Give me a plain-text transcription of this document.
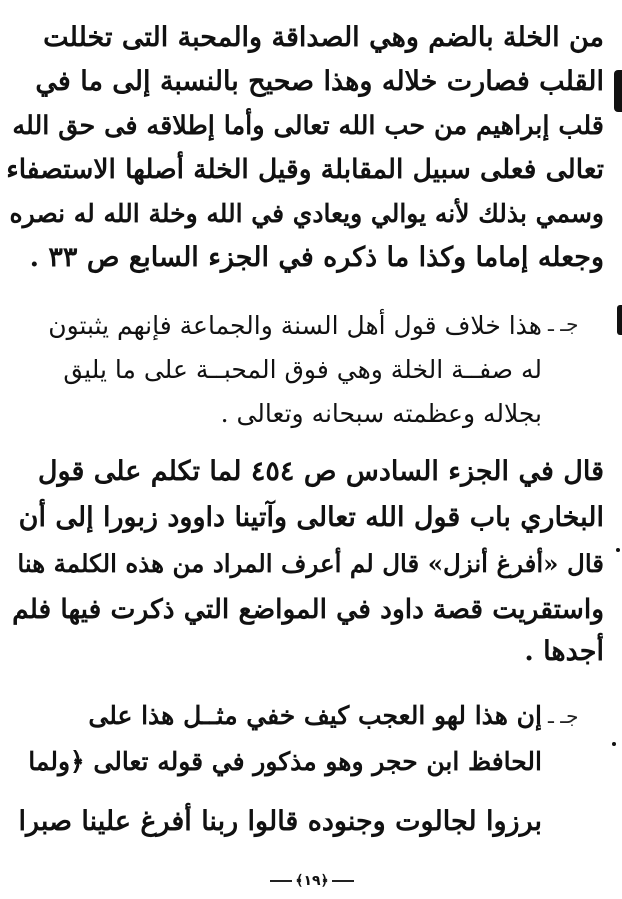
من الخلة بالضم وهي الصداقة والمحبة التى تخللت
القلب فصارت خلاله وهذا صحيح بالنسبة إلى ما في
قلب إبراهيم من حب الله تعالى وأما إطلاقه فى حق الله
تعالى فعلى سبيل المقابلة وقيل الخلة أصلها الاستصفاء
وسمي بذلك لأنه يوالي ويعادي في الله وخلة الله له نصره
وجعله إماما وكذا ما ذكره في الجزء السابع ص ٣٣ .
جـ ـ
هذا خلاف قول أهل السنة والجماعة فإنهم يثبتون
له صفــة الخلة وهي فوق المحبــة على ما يليق
بجلاله وعظمته سبحانه وتعالى .
قال في الجزء السادس ص ٤٥٤ لما تكلم على قول
البخاري باب قول الله تعالى وآتينا داوود زبورا إلى أن
قال «أفرغ أنزل» قال لم أعرف المراد من هذه الكلمة هنا
واستقريت قصة داود في المواضع التي ذكرت فيها فلم
أجدها .
جـ ـ
إن هذا لهو العجب كيف خفي مثــل هذا على
الحافظ ابن حجر وهو مذكور في قوله تعالى ﴿ولما
برزوا لجالوت وجنوده قالوا ربنا أفرغ علينا صبرا
﴿١٩﴾
